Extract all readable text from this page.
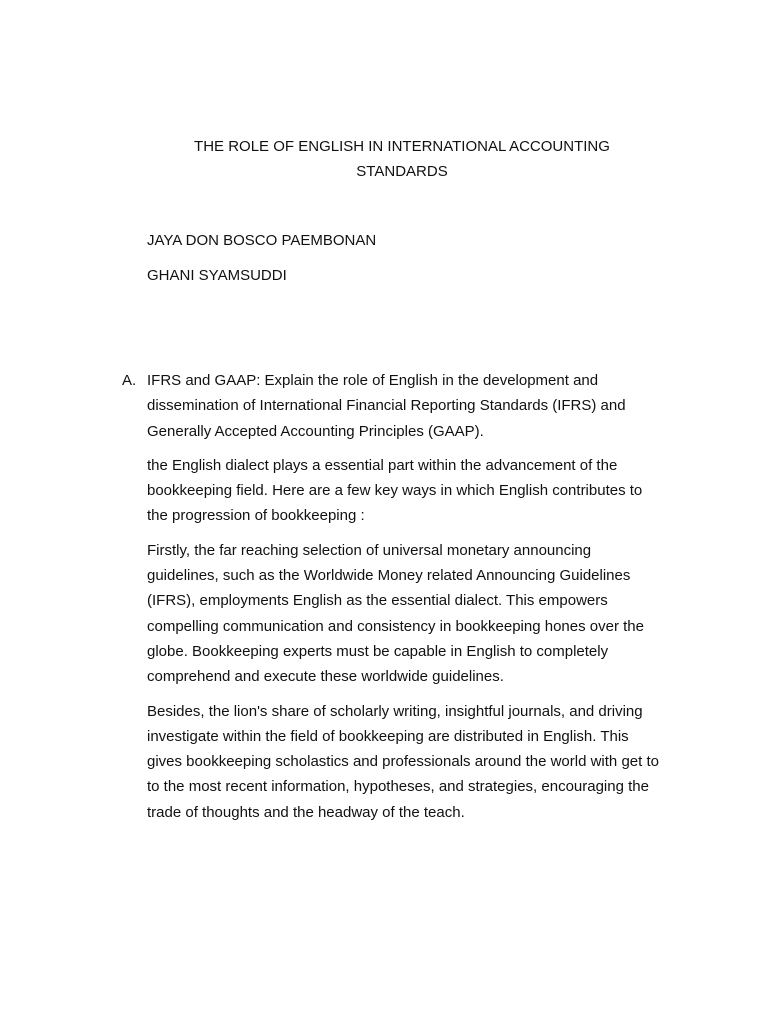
THE ROLE OF ENGLISH IN INTERNATIONAL ACCOUNTING STANDARDS
JAYA DON BOSCO PAEMBONAN
GHANI SYAMSUDDI
A. IFRS and GAAP: Explain the role of English in the development and dissemination of International Financial Reporting Standards (IFRS) and Generally Accepted Accounting Principles (GAAP).

the English dialect plays a essential part within the advancement of the bookkeeping field. Here are a few key ways in which English contributes to the progression of bookkeeping :

Firstly, the far reaching selection of universal monetary announcing guidelines, such as the Worldwide Money related Announcing Guidelines (IFRS), employments English as the essential dialect. This empowers compelling communication and consistency in bookkeeping hones over the globe. Bookkeeping experts must be capable in English to completely comprehend and execute these worldwide guidelines.

Besides, the lion's share of scholarly writing, insightful journals, and driving investigate within the field of bookkeeping are distributed in English. This gives bookkeeping scholastics and professionals around the world with get to to the most recent information, hypotheses, and strategies, encouraging the trade of thoughts and the headway of the teach.
